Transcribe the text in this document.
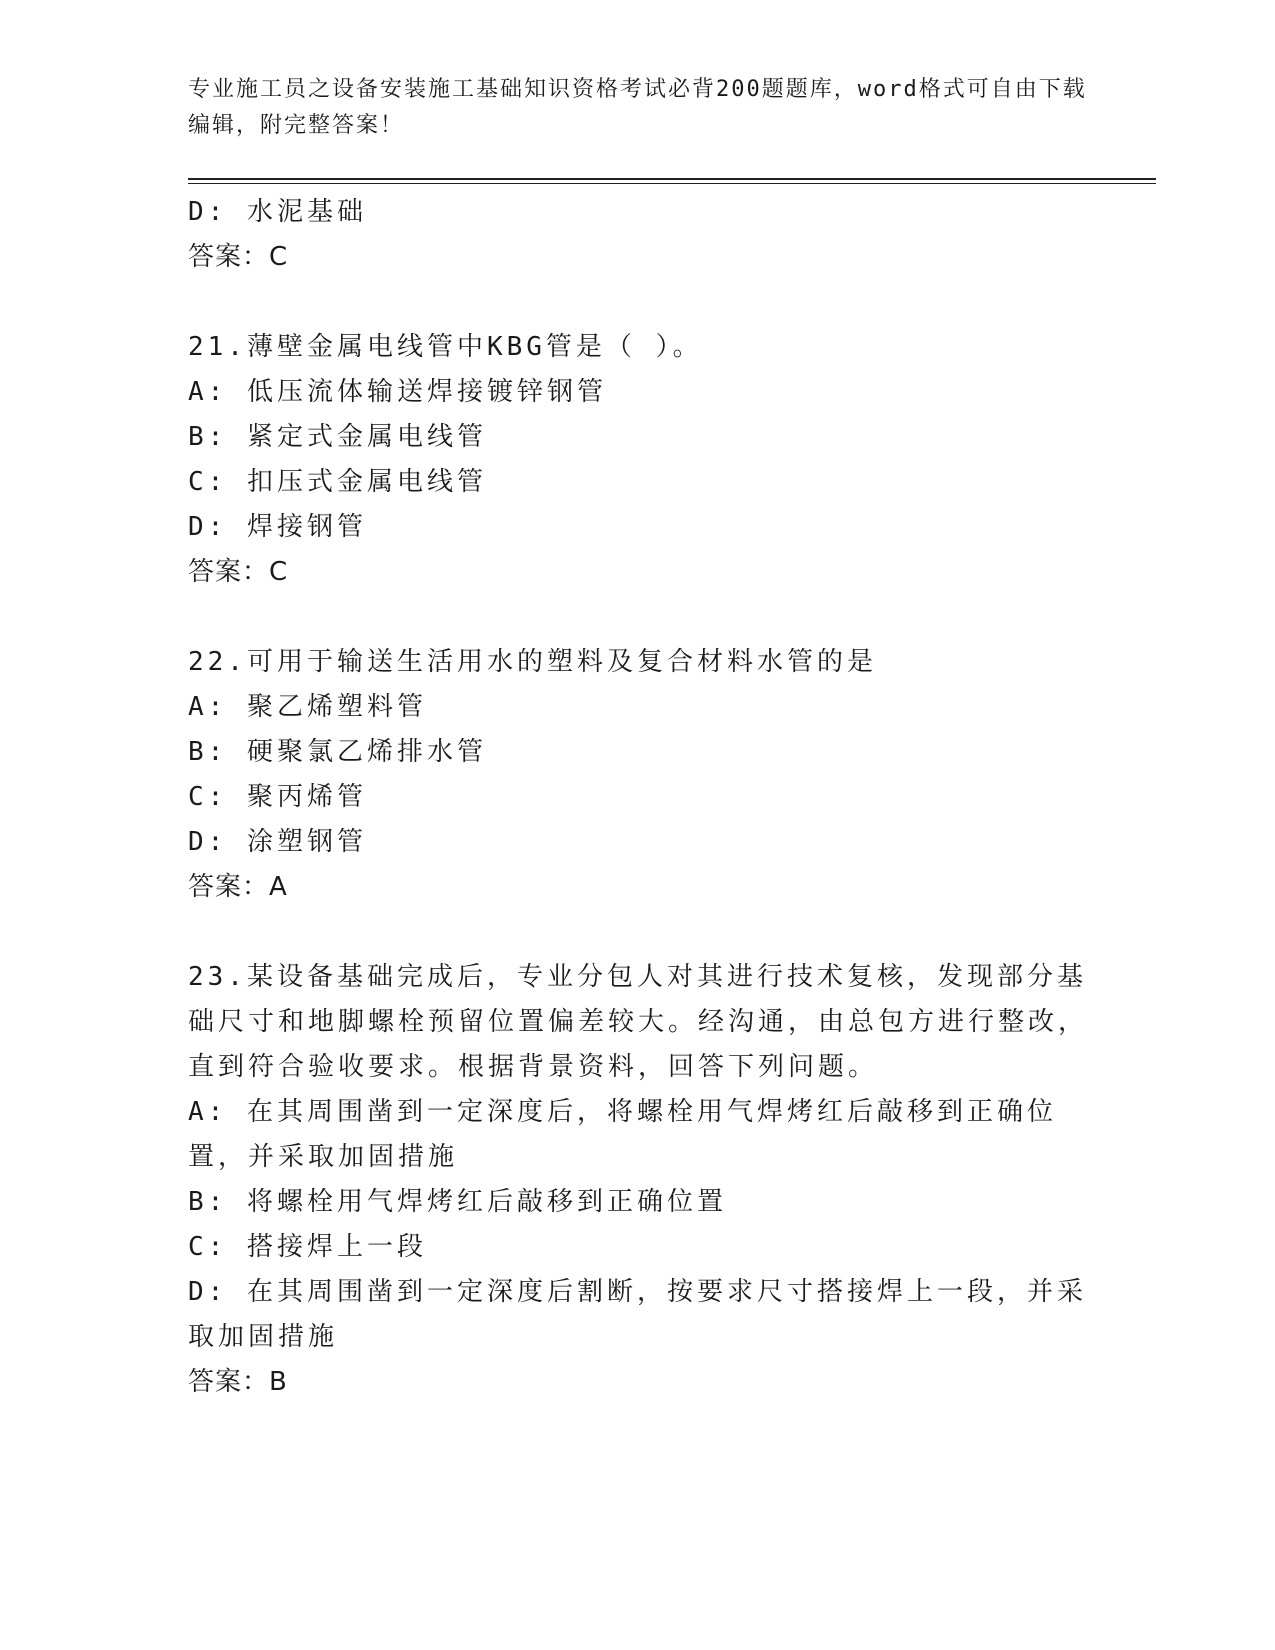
专业施工员之设备安装施工基础知识资格考试必背200题题库，word格式可自由下载编辑，附完整答案！
D: 水泥基础
答案：C
21.薄壁金属电线管中KBG管是（ ）。
A: 低压流体输送焊接镀锌钢管
B: 紧定式金属电线管
C: 扣压式金属电线管
D: 焊接钢管
答案：C
22.可用于输送生活用水的塑料及复合材料水管的是
A: 聚乙烯塑料管
B: 硬聚氯乙烯排水管
C: 聚丙烯管
D: 涂塑钢管
答案：A
23.某设备基础完成后，专业分包人对其进行技术复核，发现部分基础尺寸和地脚螺栓预留位置偏差较大。经沟通，由总包方进行整改，直到符合验收要求。根据背景资料，回答下列问题。
A: 在其周围凿到一定深度后，将螺栓用气焊烤红后敲移到正确位置，并采取加固措施
B: 将螺栓用气焊烤红后敲移到正确位置
C: 搭接焊上一段
D: 在其周围凿到一定深度后割断，按要求尺寸搭接焊上一段，并采取加固措施
答案：B
